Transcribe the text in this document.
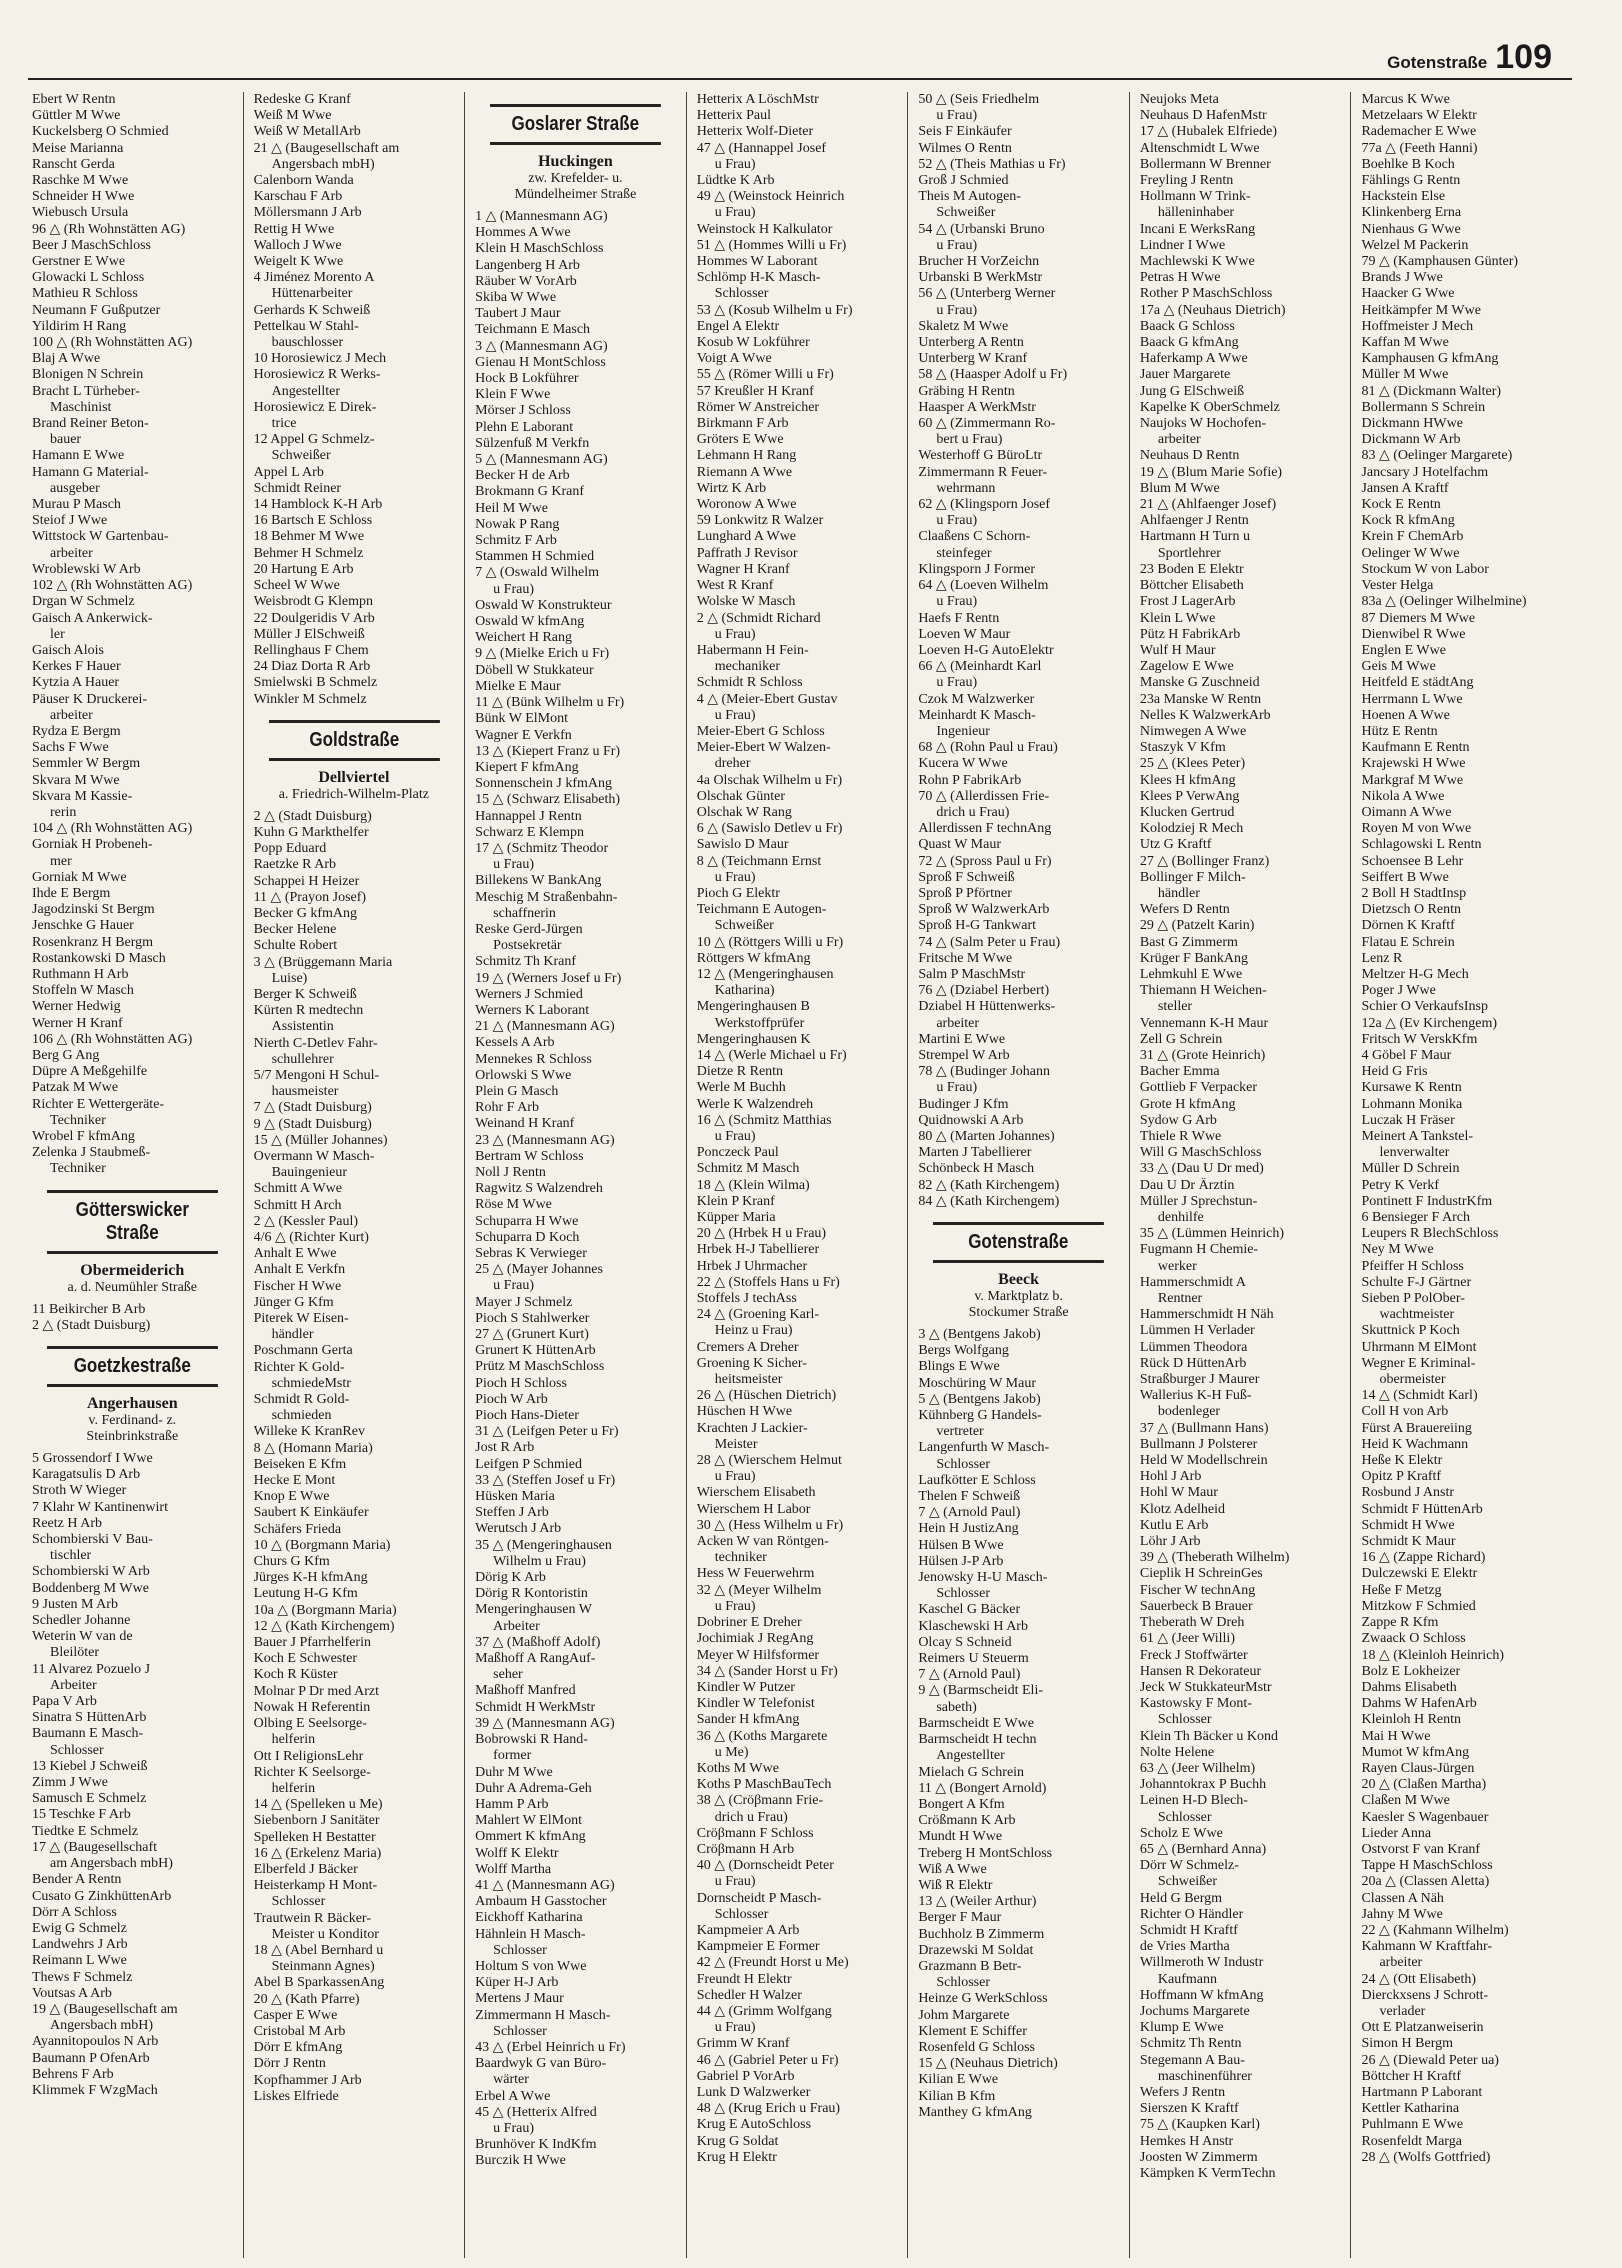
Gotenstraße 109
Ebert W Rentn
Güttler M Wwe
Kuckelsberg O Schmied
Meise Marianna
Ranscht Gerda
Raschke M Wwe
Schneider H Wwe
Wiebusch Ursula
96 △ (Rh Wohnstätten AG)
Beer J MaschSchloss
Gerstner E Wwe
Glowacki L Schloss
Mathieu R Schloss
Neumann F Gußputzer
Yildirim H Rang
100 △ (Rh Wohnstätten AG)
Blaj A Wwe
Blonigen N Schrein
Bracht L Türheber-
Maschinist
Brand Reiner Beton-
bauer
Hamann E Wwe
Hamann G Material-
ausgeber
Murau P Masch
Steiof J Wwe
Wittstock W Gartenbau-
arbeiter
Wroblewski W Arb
102 △ (Rh Wohnstätten AG)
Drgan W Schmelz
Gaisch A Ankerwick-
ler
Gaisch Alois
Kerkes F Hauer
Kytzia A Hauer
Päuser K Druckerei-
arbeiter
Rydza E Bergm
Sachs F Wwe
Semmler W Bergm
Skvara M Wwe
Skvara M Kassie-
rerin
104 △ (Rh Wohnstätten AG)
Gorniak H Probeneh-
mer
Gorniak M Wwe
Ihde E Bergm
Jagodzinski St Bergm
Jenschke G Hauer
Rosenkranz H Bergm
Rostankowski D Masch
Ruthmann H Arb
Stoffeln W Masch
Werner Hedwig
Werner H Kranf
106 △ (Rh Wohnstätten AG)
Berg G Ang
Düpre A Meßgehilfe
Patzak M Wwe
Richter E Wettergeräte-
Techniker
Wrobel F kfmAng
Zelenka J Staubmeß-
Techniker
Götterswicker Straße
Obermeiderich
a. d. Neumühler Straße
11 Beikircher B Arb
2 △ (Stadt Duisburg)
Goetzkestraße
Angerhausen
v. Ferdinand- z.
Steinbrinkstraße
5 Grossendorf I Wwe
Karagatsulis D Arb
Stroth W Wieger
7 Klahr W Kantinenwirt
Reetz H Arb
Schombierski V Bau-
tischler
Schombierski W Arb
Boddenberg M Wwe
9 Justen M Arb
Schedler Johanne
Weterin W van de
Bleilöter
11 Alvarez Pozuelo J
Arbeiter
Papa V Arb
Sinatra S HüttenArb
Baumann E Masch-
Schlosser
13 Kiebel J Schweiß
Zimm J Wwe
Samusch E Schmelz
15 Teschke F Arb
Tiedtke E Schmelz
17 △ (Baugesellschaft
am Angersbach mbH)
Bender A Rentn
Cusato G ZinkhüttenArb
Dörr A Schloss
Ewig G Schmelz
Landwehrs J Arb
Reimann L Wwe
Thews F Schmelz
Voutsas A Arb
19 △ (Baugesellschaft am
Angersbach mbH)
Ayannitopoulos N Arb
Baumann P OfenArb
Behrens F Arb
Klimmek F WzgMach
Redeske G Kranf
Weiß M Wwe
Weiß W MetallArb
21 △ (Baugesellschaft am
Angersbach mbH)
Calenborn Wanda
Karschau F Arb
Möllersmann J Arb
Rettig H Wwe
Walloch J Wwe
Weigelt K Wwe
4 Jiménez Morento A
Hüttenarbeiter
Gerhards K Schweiß
Pettelkau W Stahl-
bauschlosser
10 Horosiewicz J Mech
Horosiewicz R Werks-
Angestellter
Horosiewicz E Direk-
trice
12 Appel G Schmelz-
Schweißer
Appel L Arb
Schmidt Reiner
14 Hamblock K-H Arb
16 Bartsch E Schloss
18 Behmer M Wwe
Behmer H Schmelz
20 Hartung E Arb
Scheel W Wwe
Weisbrodt G Klempn
22 Doulgeridis V Arb
Müller J ElSchweiß
Rellinghaus F Chem
24 Diaz Dorta R Arb
Smielwski B Schmelz
Winkler M Schmelz
Goldstraße
Dellviertel
a. Friedrich-Wilhelm-Platz
2 △ (Stadt Duisburg)
Kuhn G Markthelfer
Popp Eduard
Raetzke R Arb
Schappei H Heizer
11 △ (Prayon Josef)
Becker G kfmAng
Becker Helene
Schulte Robert
3 △ (Brüggemann Maria
Luise)
Berger K Schweiß
Kürten R medtechn
Assistentin
Nierth C-Detlev Fahr-
schullehrer
5/7 Mengoni H Schul-
hausmeister
7 △ (Stadt Duisburg)
9 △ (Stadt Duisburg)
15 △ (Müller Johannes)
Overmann W Masch-
Bauingenieur
Schmitt A Wwe
Schmitt H Arch
2 △ (Kessler Paul)
4/6 △ (Richter Kurt)
Anhalt E Wwe
Anhalt E Verkfn
Fischer H Wwe
Jünger G Kfm
Piterek W Eisen-
händler
Poschmann Gerta
Richter K Gold-
schmiedeMstr
Schmidt R Gold-
schmieden
Willeke K KranRev
8 △ (Homann Maria)
Beiseken E Kfm
Hecke E Mont
Knop E Wwe
Saubert K Einkäufer
Schäfers Frieda
10 △ (Borgmann Maria)
Churs G Kfm
Jürges K-H kfmAng
Leutung H-G Kfm
10a △ (Borgmann Maria)
12 △ (Kath Kirchengem)
Bauer J Pfarrhelferin
Koch E Schwester
Koch R Küster
Molnar P Dr med Arzt
Nowak H Referentin
Olbing E Seelsorge-
helferin
Ott I ReligionsLehr
Richter K Seelsorge-
helferin
14 △ (Spelleken u Me)
Siebenborn J Sanitäter
Spelleken H Bestatter
16 △ (Erkelenz Maria)
Elberfeld J Bäcker
Heisterkamp H Mont-
Schlosser
Trautwein R Bäcker-
Meister u Konditor
18 △ (Abel Bernhard u
Steinmann Agnes)
Abel B SparkassenAng
20 △ (Kath Pfarre)
Casper E Wwe
Cristobal M Arb
Dörr E kfmAng
Dörr J Rentn
Kopfhammer J Arb
Liskes Elfriede
Goslarer Straße
Huckingen
zw. Krefelder- u.
Mündelheimer Straße
1 △ (Mannesmann AG)
Hommes A Wwe
Klein H MaschSchloss
Langenberg H Arb
Räuber W VorArb
Skiba W Wwe
Taubert J Maur
Teichmann E Masch
3 △ (Mannesmann AG)
Gienau H MontSchloss
Hock B Lokführer
Klein F Wwe
Mörser J Schloss
Plehn E Laborant
Sülzenfuß M Verkfn
5 △ (Mannesmann AG)
Becker H de Arb
Brokmann G Kranf
Heil M Wwe
Nowak P Rang
Schmitz F Arb
Stammen H Schmied
7 △ (Oswald Wilhelm
u Frau)
Oswald W Konstrukteur
Oswald W kfmAng
Weichert H Rang
9 △ (Mielke Erich u Fr)
Döbell W Stukkateur
Mielke E Maur
11 △ (Bünk Wilhelm u Fr)
Bünk W ElMont
Wagner E Verkfn
13 △ (Kiepert Franz u Fr)
Kiepert F kfmAng
Sonnenschein J kfmAng
15 △ (Schwarz Elisabeth)
Hannappel J Rentn
Schwarz E Klempn
17 △ (Schmitz Theodor
u Frau)
Billekens W BankAng
Meschig M Straßenbahn-
schaffnerin
Reske Gerd-Jürgen
Postsekretär
Schmitz Th Kranf
19 △ (Werners Josef u Fr)
Werners J Schmied
Werners K Laborant
21 △ (Mannesmann AG)
Kessels A Arb
Mennekes R Schloss
Orlowski S Wwe
Plein G Masch
Rohr F Arb
Weinand H Kranf
23 △ (Mannesmann AG)
Bertram W Schloss
Noll J Rentn
Ragwitz S Walzendreh
Röse M Wwe
Schuparra H Wwe
Schuparra D Koch
Sebras K Verwieger
25 △ (Mayer Johannes
u Frau)
Mayer J Schmelz
Pioch S Stahlwerker
27 △ (Grunert Kurt)
Grunert K HüttenArb
Prütz M MaschSchloss
Pioch H Schloss
Pioch W Arb
Pioch Hans-Dieter
31 △ (Leifgen Peter u Fr)
Jost R Arb
Leifgen P Schmied
33 △ (Steffen Josef u Fr)
Hüsken Maria
Steffen J Arb
Werutsch J Arb
35 △ (Mengeringhausen
Wilhelm u Frau)
Dörig K Arb
Dörig R Kontoristin
Mengeringhausen W
Arbeiter
37 △ (Maßhoff Adolf)
Maßhoff A RangAuf-
seher
Maßhoff Manfred
Schmidt H WerkMstr
39 △ (Mannesmann AG)
Bobrowski R Hand-
former
Duhr M Wwe
Duhr A Adrema-Geh
Hamm P Arb
Mahlert W ElMont
Ommert K kfmAng
Wolff K Elektr
Wolff Martha
41 △ (Mannesmann AG)
Ambaum H Gasstocher
Eickhoff Katharina
Hähnlein H Masch-
Schlosser
Holtum S von Wwe
Küper H-J Arb
Mertens J Maur
Zimmermann H Masch-
Schlosser
43 △ (Erbel Heinrich u Fr)
Baardwyk G van Büro-
wärter
Erbel A Wwe
45 △ (Hetterix Alfred
u Frau)
Brunhöver K IndKfm
Burczik H Wwe
Hetterix A LöschMstr
Hetterix Paul
Hetterix Wolf-Dieter
47 △ (Hannappel Josef
u Frau)
Lüdtke K Arb
49 △ (Weinstock Heinrich
u Frau)
Weinstock H Kalkulator
51 △ (Hommes Willi u Fr)
Hommes W Laborant
Schlömp H-K Masch-
Schlosser
53 △ (Kosub Wilhelm u Fr)
Engel A Elektr
Kosub W Lokführer
Voigt A Wwe
55 △ (Römer Willi u Fr)
57 Kreußler H Kranf
Römer W Anstreicher
Birkmann F Arb
Gröters E Wwe
Lehmann H Rang
Riemann A Wwe
Wirtz K Arb
Woronow A Wwe
59 Lonkwitz R Walzer
Lunghard A Wwe
Paffrath J Revisor
Wagner H Kranf
West R Kranf
Wolske W Masch
2 △ (Schmidt Richard
u Frau)
Habermann H Fein-
mechaniker
Schmidt R Schloss
4 △ (Meier-Ebert Gustav
u Frau)
Meier-Ebert G Schloss
Meier-Ebert W Walzen-
dreher
4a Olschak Wilhelm u Fr)
Olschak Günter
Olschak W Rang
6 △ (Sawislo Detlev u Fr)
Sawislo D Maur
8 △ (Teichmann Ernst
u Frau)
Pioch G Elektr
Teichmann E Autogen-
Schweißer
10 △ (Röttgers Willi u Fr)
Röttgers W kfmAng
12 △ (Mengeringhausen
Katharina)
Mengeringhausen B
Werkstoffprüfer
Mengeringhausen K
14 △ (Werle Michael u Fr)
Dietze R Rentn
Werle M Buchh
Werle K Walzendreh
16 △ (Schmitz Matthias
u Frau)
Ponczeck Paul
Schmitz M Masch
18 △ (Klein Wilma)
Klein P Kranf
Küpper Maria
20 △ (Hrbek H u Frau)
Hrbek H-J Tabellierer
Hrbek J Uhrmacher
22 △ (Stoffels Hans u Fr)
Stoffels J techAss
24 △ (Groening Karl-
Heinz u Frau)
Cremers A Dreher
Groening K Sicher-
heitsmeister
26 △ (Hüschen Dietrich)
Hüschen H Wwe
Krachten J Lackier-
Meister
28 △ (Wierschem Helmut
u Frau)
Wierschem Elisabeth
Wierschem H Labor
30 △ (Hess Wilhelm u Fr)
Acken W van Röntgen-
techniker
Hess W Feuerwehrm
32 △ (Meyer Wilhelm
u Frau)
Dobriner E Dreher
Jochimiak J RegAng
Meyer W Hilfsformer
34 △ (Sander Horst u Fr)
Kindler W Putzer
Kindler W Telefonist
Sander H kfmAng
36 △ (Koths Margarete
u Me)
Koths M Wwe
Koths P MaschBauTech
38 △ (Cröβmann Frie-
drich u Frau)
Cröβmann F Schloss
Cröβmann H Arb
40 △ (Dornscheidt Peter
u Frau)
Dornscheidt P Masch-
Schlosser
Kampmeier A Arb
Kampmeier E Former
42 △ (Freundt Horst u Me)
Freundt H Elektr
Schedler H Walzer
44 △ (Grimm Wolfgang
u Frau)
Grimm W Kranf
46 △ (Gabriel Peter u Fr)
Gabriel P VorArb
Lunk D Walzwerker
48 △ (Krug Erich u Frau)
Krug E AutoSchloss
Krug G Soldat
Krug H Elektr
50 △ (Seis Friedhelm
u Frau)
Seis F Einkäufer
Wilmes O Rentn
52 △ (Theis Mathias u Fr)
Groß J Schmied
Theis M Autogen-
Schweißer
54 △ (Urbanski Bruno
u Frau)
Brucher H VorZeichn
Urbanski B WerkMstr
56 △ (Unterberg Werner
u Frau)
Skaletz M Wwe
Unterberg A Rentn
Unterberg W Kranf
58 △ (Haasper Adolf u Fr)
Gräbing H Rentn
Haasper A WerkMstr
60 △ (Zimmermann Ro-
bert u Frau)
Westerhoff G BüroLtr
Zimmermann R Feuer-
wehrmann
62 △ (Klingsporn Josef
u Frau)
Claaßens C Schorn-
steinfeger
Klingsporn J Former
64 △ (Loeven Wilhelm
u Frau)
Haefs F Rentn
Loeven W Maur
Loeven H-G AutoElektr
66 △ (Meinhardt Karl
u Frau)
Czok M Walzwerker
Meinhardt K Masch-
Ingenieur
68 △ (Rohn Paul u Frau)
Kucera W Wwe
Rohn P FabrikArb
70 △ (Allerdissen Frie-
drich u Frau)
Allerdissen F technAng
Quast W Maur
72 △ (Spross Paul u Fr)
Sproß F Schweiß
Sproß P Pförtner
Sproß W WalzwerkArb
Sproß H-G Tankwart
74 △ (Salm Peter u Frau)
Fritsche M Wwe
Salm P MaschMstr
76 △ (Dziabel Herbert)
Dziabel H Hüttenwerks-
arbeiter
Martini E Wwe
Strempel W Arb
78 △ (Budinger Johann
u Frau)
Budinger J Kfm
Quidnowski A Arb
80 △ (Marten Johannes)
Marten J Tabellierer
Schönbeck H Masch
82 △ (Kath Kirchengem)
84 △ (Kath Kirchengem)
Gotenstraße
Beeck
v. Marktplatz b.
Stockumer Straße
3 △ (Bentgens Jakob)
Bergs Wolfgang
Blings E Wwe
Moschüring W Maur
5 △ (Bentgens Jakob)
Kühnberg G Handels-
vertreter
Langenfurth W Masch-
Schlosser
Laufkötter E Schloss
Thelen F Schweiß
7 △ (Arnold Paul)
Hein H JustizAng
Hülsen B Wwe
Hülsen J-P Arb
Jenowsky H-U Masch-
Schlosser
Kaschel G Bäcker
Klaschewski H Arb
Olcay S Schneid
Reimers U Steuerm
7 △ (Arnold Paul)
9 △ (Barmscheidt Eli-
sabeth)
Barmscheidt E Wwe
Barmscheidt H techn
Angestellter
Mielach G Schrein
11 △ (Bongert Arnold)
Bongert A Kfm
Crößmann K Arb
Mundt H Wwe
Treberg H MontSchloss
Wiß A Wwe
Wiß R Elektr
13 △ (Weiler Arthur)
Berger F Maur
Buchholz B Zimmerm
Drazewski M Soldat
Grazmann B Betr-
Schlosser
Heinze G WerkSchloss
Johm Margarete
Klement E Schiffer
Rosenfeld G Schloss
15 △ (Neuhaus Dietrich)
Kilian E Wwe
Kilian B Kfm
Manthey G kfmAng
Neujoks Meta
Neuhaus D HafenMstr
17 △ (Hubalek Elfriede)
Altenschmidt L Wwe
Bollermann W Brenner
Freyling J Rentn
Hollmann W Trink-
hälleninhaber
Incani E WerksRang
Lindner I Wwe
Machlewski K Wwe
Petras H Wwe
Rother P MaschSchloss
17a △ (Neuhaus Dietrich)
Baack G Schloss
Baack G kfmAng
Haferkamp A Wwe
Jauer Margarete
Jung G ElSchweiß
Kapelke K OberSchmelz
Naujoks W Hochofen-
arbeiter
Neuhaus D Rentn
19 △ (Blum Marie Sofie)
Blum M Wwe
21 △ (Ahlfaenger Josef)
Ahlfaenger J Rentn
Hartmann H Turn u
Sportlehrer
23 Boden E Elektr
Böttcher Elisabeth
Frost J LagerArb
Klein L Wwe
Pütz H FabrikArb
Wulf H Maur
Zagelow E Wwe
Manske G Zuschneid
23a Manske W Rentn
Nelles K WalzwerkArb
Nimwegen A Wwe
Staszyk V Kfm
25 △ (Klees Peter)
Klees H kfmAng
Klees P VerwAng
Klucken Gertrud
Kolodziej R Mech
Utz G Kraftf
27 △ (Bollinger Franz)
Bollinger F Milch-
händler
Wefers D Rentn
29 △ (Patzelt Karin)
Bast G Zimmerm
Krüger F BankAng
Lehmkuhl E Wwe
Thiemann H Weichen-
steller
Vennemann K-H Maur
Zell G Schrein
31 △ (Grote Heinrich)
Bacher Emma
Gottlieb F Verpacker
Grote H kfmAng
Sydow G Arb
Thiele R Wwe
Will G MaschSchloss
33 △ (Dau U Dr med)
Dau U Dr Ärztin
Müller J Sprechstun-
denhilfe
35 △ (Lümmen Heinrich)
Fugmann H Chemie-
werker
Hammerschmidt A
Rentner
Hammerschmidt H Näh
Lümmen H Verlader
Lümmen Theodora
Rück D HüttenArb
Straßburger J Maurer
Wallerius K-H Fuß-
bodenleger
37 △ (Bullmann Hans)
Bullmann J Polsterer
Held W Modellschrein
Hohl J Arb
Hohl W Maur
Klotz Adelheid
Kutlu E Arb
Löhr J Arb
39 △ (Theberath Wilhelm)
Cieplik H SchreinGes
Fischer W technAng
Sauerbeck B Brauer
Theberath W Dreh
61 △ (Jeer Willi)
Freck J Stoffwärter
Hansen R Dekorateur
Jeck W StukkateurMstr
Kastowsky F Mont-
Schlosser
Klein Th Bäcker u Kond
Nolte Helene
63 △ (Jeer Wilhelm)
Johanntokrax P Buchh
Leinen H-D Blech-
Schlosser
Scholz E Wwe
65 △ (Bernhard Anna)
Dörr W Schmelz-
Schweißer
Held G Bergm
Richter O Händler
Schmidt H Kraftf
de Vries Martha
Willmeroth W Industr
Kaufmann
Hoffmann W kfmAng
Jochums Margarete
Klump E Wwe
Schmitz Th Rentn
Stegemann A Bau-
maschinenführer
Wefers J Rentn
Sierszen K Kraftf
75 △ (Kaupken Karl)
Hemkes H Anstr
Joosten W Zimmerm
Kämpken K VermTechn
Marcus K Wwe
Metzelaars W Elektr
Rademacher E Wwe
77a △ (Feeth Hanni)
Boehlke B Koch
Fählings G Rentn
Hackstein Else
Klinkenberg Erna
Nienhaus G Wwe
Welzel M Packerin
79 △ (Kamphausen Günter)
Brands J Wwe
Haacker G Wwe
Heitkämpfer M Wwe
Hoffmeister J Mech
Kaffan M Wwe
Kamphausen G kfmAng
Müller M Wwe
81 △ (Dickmann Walter)
Bollermann S Schrein
Dickmann HWwe
Dickmann W Arb
83 △ (Oelinger Margarete)
Jancsary J Hotelfachm
Jansen A Kraftf
Kock E Rentn
Kock R kfmAng
Krein F ChemArb
Oelinger W Wwe
Stockum W von Labor
Vester Helga
83a △ (Oelinger Wilhelmine)
87 Diemers M Wwe
Dienwibel R Wwe
Englen E Wwe
Geis M Wwe
Heitfeld E städtAng
Herrmann L Wwe
Hoenen A Wwe
Hütz E Rentn
Kaufmann E Rentn
Krajewski H Wwe
Markgraf M Wwe
Nikola A Wwe
Oimann A Wwe
Royen M von Wwe
Schlagowski L Rentn
Schoensee B Lehr
Seiffert B Wwe
2 Boll H StadtInsp
Dietzsch O Rentn
Dörnen K Kraftf
Flatau E Schrein
Lenz R
Meltzer H-G Mech
Poger J Wwe
Schier O VerkaufsInsp
12a △ (Ev Kirchengem)
Fritsch W VerskKfm
4 Göbel F Maur
Heid G Fris
Kursawe K Rentn
Lohmann Monika
Luczak H Fräser
Meinert A Tankstel-
lenverwalter
Müller D Schrein
Petry K Verkf
Pontinett F IndustrKfm
6 Bensieger F Arch
Leupers R BlechSchloss
Ney M Wwe
Pfeiffer H Schloss
Schulte F-J Gärtner
Sieben P PolOber-
wachtmeister
Skuttnick P Koch
Uhrmann M ElMont
Wegner E Kriminal-
obermeister
14 △ (Schmidt Karl)
Coll H von Arb
Fürst A Brauereiing
Heid K Wachmann
Heße K Elektr
Opitz P Kraftf
Rosbund J Anstr
Schmidt F HüttenArb
Schmidt H Wwe
Schmidt K Maur
16 △ (Zappe Richard)
Dulczewski E Elektr
Heße F Metzg
Mitzkow F Schmied
Zappe R Kfm
Zwaack O Schloss
18 △ (Kleinloh Heinrich)
Bolz E Lokheizer
Dahms Elisabeth
Dahms W HafenArb
Kleinloh H Rentn
Mai H Wwe
Mumot W kfmAng
Rayen Claus-Jürgen
20 △ (Claßen Martha)
Claßen M Wwe
Kaesler S Wagenbauer
Lieder Anna
Ostvorst F van Kranf
Tappe H MaschSchloss
20a △ (Classen Aletta)
Classen A Näh
Jahny M Wwe
22 △ (Kahmann Wilhelm)
Kahmann W Kraftfahr-
arbeiter
24 △ (Ott Elisabeth)
Dierckxsens J Schrott-
verlader
Ott E Platzanweiserin
Simon H Bergm
26 △ (Diewald Peter ua)
Böttcher H Kraftf
Hartmann P Laborant
Kettler Katharina
Puhlmann E Wwe
Rosenfeldt Marga
28 △ (Wolfs Gottfried)
